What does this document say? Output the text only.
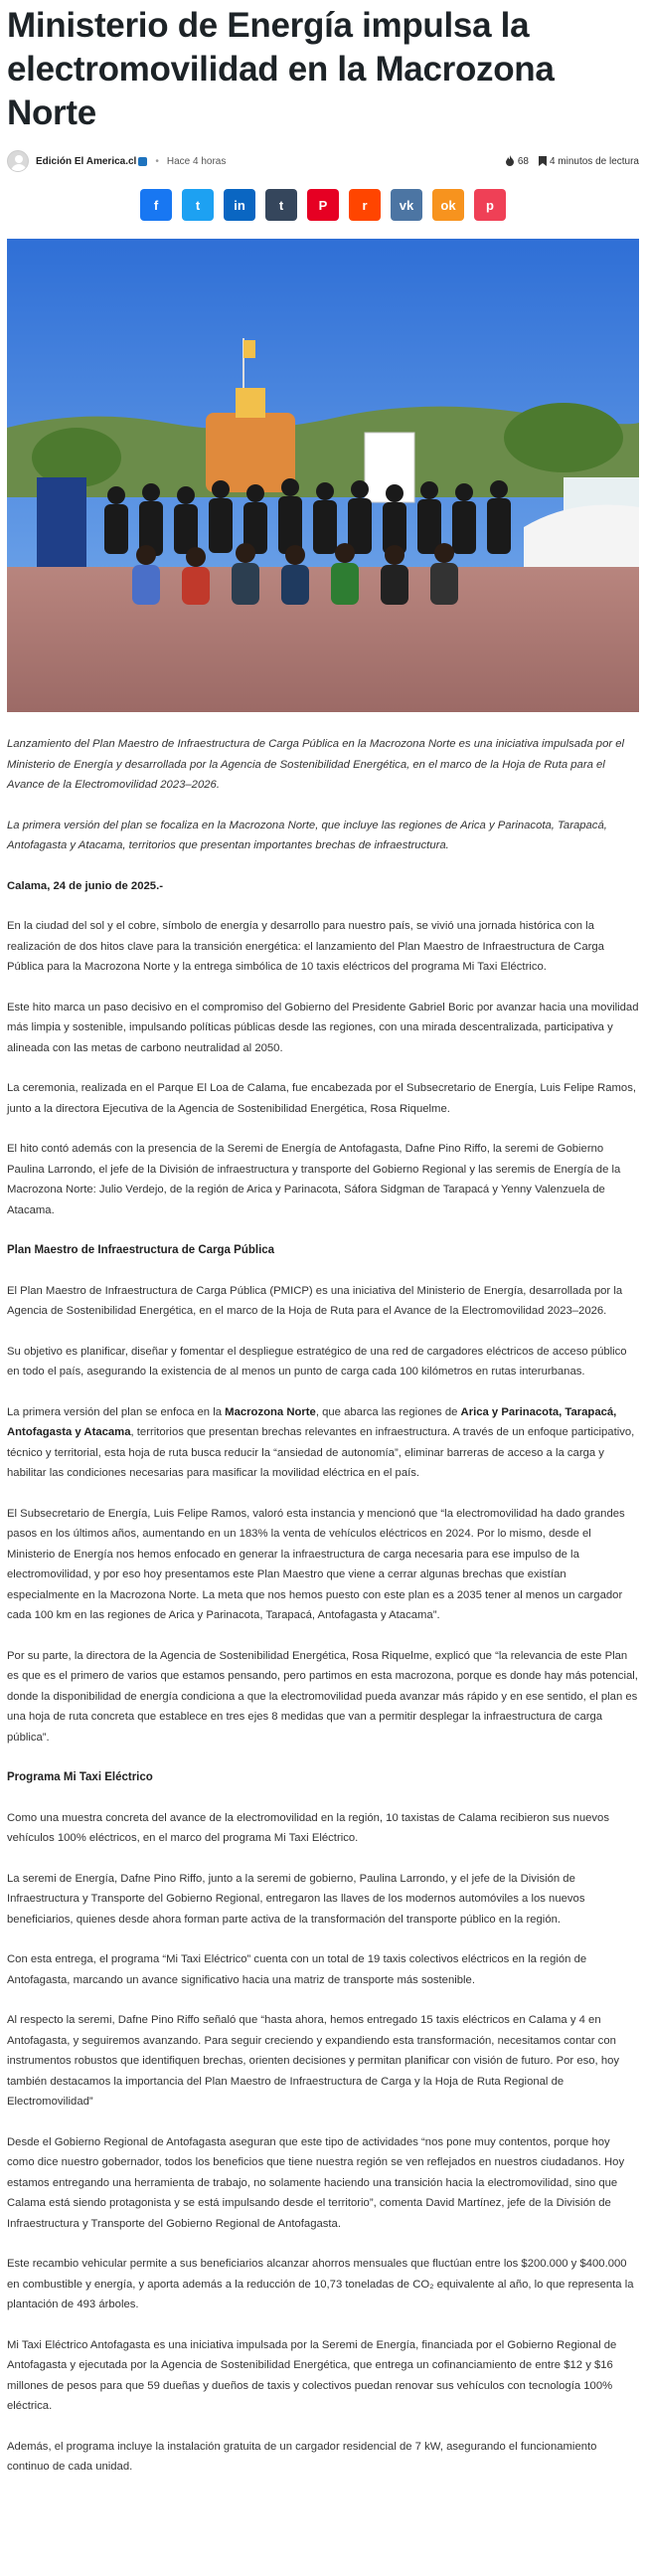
Ministerio de Energía impulsa la electromovilidad en la Macrozona Norte
Edición El America.cl • Hace 4 horas	68	4 minutos de lectura
f	t	in	t	P	r vk ok p

Lanzamiento del Plan Maestro de Infraestructura de Carga Pública en la Macrozona Norte es una iniciativa impulsada por el Ministerio de Energía y desarrollada por la Agencia de Sostenibilidad Energética, en el marco de la Hoja de Ruta para el Avance de la Electromovilidad 2023–2026.

La primera versión del plan se focaliza en la Macrozona Norte, que incluye las regiones de Arica y Parinacota, Tarapacá, Antofagasta y Atacama, territorios que presentan importantes brechas de infraestructura.

Calama, 24 de junio de 2025.-

En la ciudad del sol y el cobre, símbolo de energía y desarrollo para nuestro país, se vivió una jornada histórica con la realización de dos hitos clave para la transición energética: el lanzamiento del Plan Maestro de Infraestructura de Carga Pública para la Macrozona Norte y la entrega simbólica de 10 taxis eléctricos del programa Mi Taxi Eléctrico.

Este hito marca un paso decisivo en el compromiso del Gobierno del Presidente Gabriel Boric por avanzar hacia una movilidad más limpia y sostenible, impulsando políticas públicas desde las regiones, con una mirada descentralizada, participativa y alineada con las metas de carbono neutralidad al 2050.

La ceremonia, realizada en el Parque El Loa de Calama, fue encabezada por el Subsecretario de Energía, Luis Felipe Ramos, junto a la directora Ejecutiva de la Agencia de Sostenibilidad Energética, Rosa Riquelme.

El hito contó además con la presencia de la Seremi de Energía de Antofagasta, Dafne Pino Riffo, la seremi de Gobierno Paulina Larrondo, el jefe de la División de infraestructura y transporte del Gobierno Regional y las seremis de Energía de la Macrozona Norte: Julio Verdejo, de la región de Arica y Parinacota, Sáfora Sidgman de Tarapacá y Yenny Valenzuela de Atacama.

Plan Maestro de Infraestructura de Carga Pública

El Plan Maestro de Infraestructura de Carga Pública (PMICP) es una iniciativa del Ministerio de Energía, desarrollada por la Agencia de Sostenibilidad Energética, en el marco de la Hoja de Ruta para el Avance de la Electromovilidad 2023–2026.

Su objetivo es planificar, diseñar y fomentar el despliegue estratégico de una red de cargadores eléctricos de acceso público en todo el país, asegurando la existencia de al menos un punto de carga cada 100 kilómetros en rutas interurbanas.

La primera versión del plan se enfoca en la Macrozona Norte, que abarca las regiones de Arica y Parinacota, Tarapacá, Antofagasta y Atacama, territorios que presentan brechas relevantes en infraestructura. A través de un enfoque participativo, técnico y territorial, esta hoja de ruta busca reducir la “ansiedad de autonomía”, eliminar barreras de acceso a la carga y habilitar las condiciones necesarias para masificar la movilidad eléctrica en el país.

El Subsecretario de Energía, Luis Felipe Ramos, valoró esta instancia y mencionó que “la electromovilidad ha dado grandes pasos en los últimos años, aumentando en un 183% la venta de vehículos eléctricos en 2024. Por lo mismo, desde el Ministerio de Energía nos hemos enfocado en generar la infraestructura de carga necesaria para ese impulso de la electromovilidad, y por eso hoy presentamos este Plan Maestro que viene a cerrar algunas brechas que existían especialmente en la Macrozona Norte. La meta que nos hemos puesto con este plan es a 2035 tener al menos un cargador cada 100 km en las regiones de Arica y Parinacota, Tarapacá, Antofagasta y Atacama”.

Por su parte, la directora de la Agencia de Sostenibilidad Energética, Rosa Riquelme, explicó que “la relevancia de este Plan es que es el primero de varios que estamos pensando, pero partimos en esta macrozona, porque es donde hay más potencial, donde la disponibilidad de energía condiciona a que la electromovilidad pueda avanzar más rápido y en ese sentido, el plan es una hoja de ruta concreta que establece en tres ejes 8 medidas que van a permitir desplegar la infraestructura de carga pública”.

Programa Mi Taxi Eléctrico

Como una muestra concreta del avance de la electromovilidad en la región, 10 taxistas de Calama recibieron sus nuevos vehículos 100% eléctricos, en el marco del programa Mi Taxi Eléctrico.

La seremi de Energía, Dafne Pino Riffo, junto a la seremi de gobierno, Paulina Larrondo, y el jefe de la División de Infraestructura y Transporte del Gobierno Regional, entregaron las llaves de los modernos automóviles a los nuevos beneficiarios, quienes desde ahora forman parte activa de la transformación del transporte público en la región.

Con esta entrega, el programa “Mi Taxi Eléctrico” cuenta con un total de 19 taxis colectivos eléctricos en la región de Antofagasta, marcando un avance significativo hacia una matriz de transporte más sostenible.

Al respecto la seremi, Dafne Pino Riffo señaló que “hasta ahora, hemos entregado 15 taxis eléctricos en Calama y 4 en Antofagasta, y seguiremos avanzando. Para seguir creciendo y expandiendo esta transformación, necesitamos contar con instrumentos robustos que identifiquen brechas, orienten decisiones y permitan planificar con visión de futuro. Por eso, hoy también destacamos la importancia del Plan Maestro de Infraestructura de Carga y la Hoja de Ruta Regional de Electromovilidad”

Desde el Gobierno Regional de Antofagasta aseguran que este tipo de actividades “nos pone muy contentos, porque hoy como dice nuestro gobernador, todos los beneficios que tiene nuestra región se ven reflejados en nuestros ciudadanos. Hoy estamos entregando una herramienta de trabajo, no solamente haciendo una transición hacia la electromovilidad, sino que Calama está siendo protagonista y se está impulsando desde el territorio”, comenta David Martínez, jefe de la División de Infraestructura y Transporte del Gobierno Regional de Antofagasta.

Este recambio vehicular permite a sus beneficiarios alcanzar ahorros mensuales que fluctúan entre los $200.000 y $400.000 en combustible y energía, y aporta además a la reducción de 10,73 toneladas de CO₂ equivalente al año, lo que representa la plantación de 493 árboles.

Mi Taxi Eléctrico Antofagasta es una iniciativa impulsada por la Seremi de Energía, financiada por el Gobierno Regional de Antofagasta y ejecutada por la Agencia de Sostenibilidad Energética, que entrega un cofinanciamiento de entre $12 y $16 millones de pesos para que 59 dueñas y dueños de taxis y colectivos puedan renovar sus vehículos con tecnología 100% eléctrica.

Además, el programa incluye la instalación gratuita de un cargador residencial de 7 kW, asegurando el funcionamiento continuo de cada unidad.
